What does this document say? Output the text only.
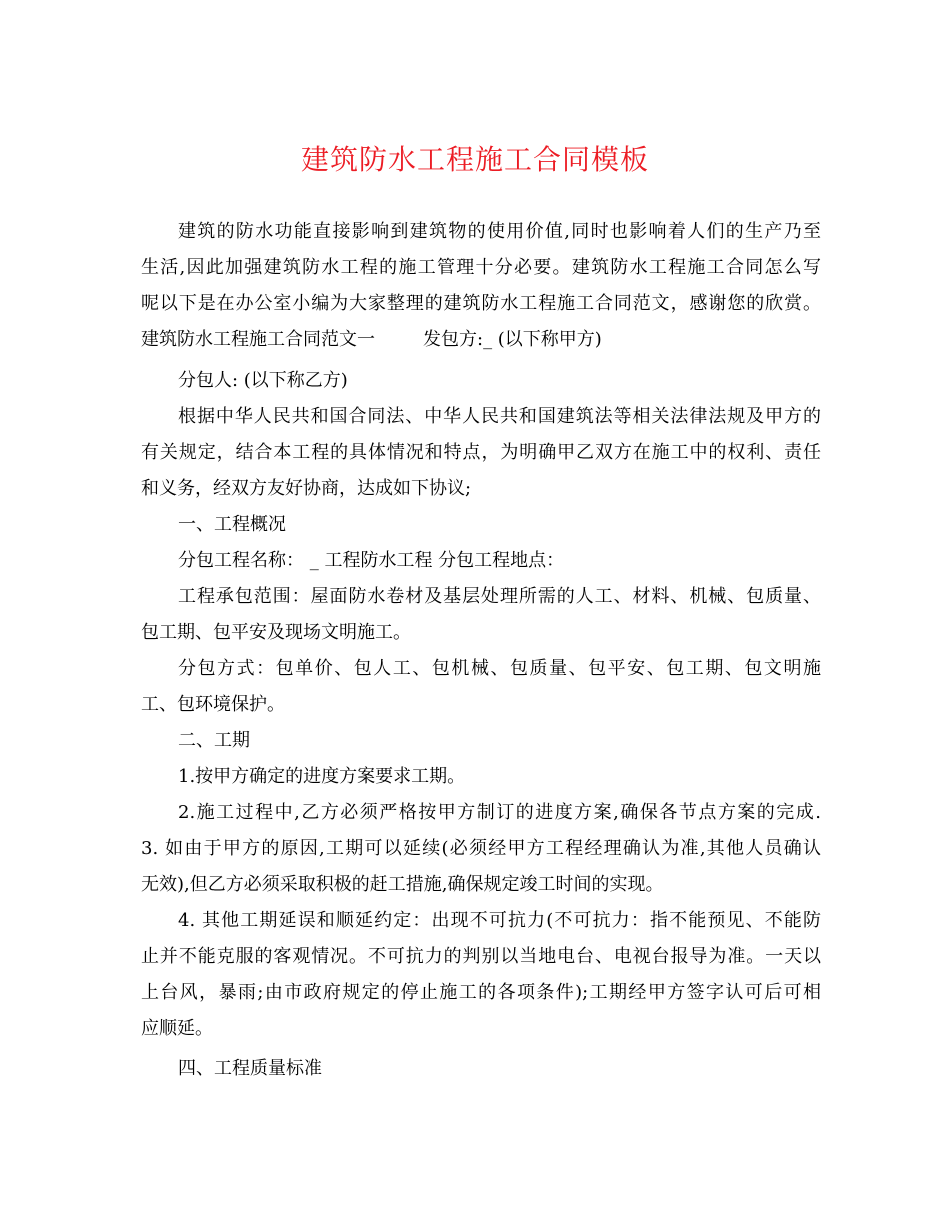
建筑防水工程施工合同模板
建筑的防水功能直接影响到建筑物的使用价值,同时也影响着人们的生产乃至
生活,因此加强建筑防水工程的施工管理十分必要。建筑防水工程施工合同怎么写
呢以下是在办公室小编为大家整理的建筑防水工程施工合同范文，感谢您的欣赏。
建筑防水工程施工合同范文一	发包方:_ (以下称甲方)
分包人: (以下称乙方)
根据中华人民共和国合同法、中华人民共和国建筑法等相关法律法规及甲方的
有关规定，结合本工程的具体情况和特点，为明确甲乙双方在施工中的权利、责任
和义务，经双方友好协商，达成如下协议;
一、工程概况
分包工程名称： _ 工程防水工程 分包工程地点：
工程承包范围：屋面防水卷材及基层处理所需的人工、材料、机械、包质量、
包工期、包平安及现场文明施工。
分包方式：包单价、包人工、包机械、包质量、包平安、包工期、包文明施
工、包环境保护。
二、工期
1.按甲方确定的进度方案要求工期。
2.施工过程中,乙方必须严格按甲方制订的进度方案,确保各节点方案的完成.
3. 如由于甲方的原因,工期可以延续(必须经甲方工程经理确认为准,其他人员确认
无效),但乙方必须采取积极的赶工措施,确保规定竣工时间的实现。
4. 其他工期延误和顺延约定：出现不可抗力(不可抗力：指不能预见、不能防
止并不能克服的客观情况。不可抗力的判别以当地电台、电视台报导为准。一天以
上台风，暴雨;由市政府规定的停止施工的各项条件);工期经甲方签字认可后可相
应顺延。
四、工程质量标准
